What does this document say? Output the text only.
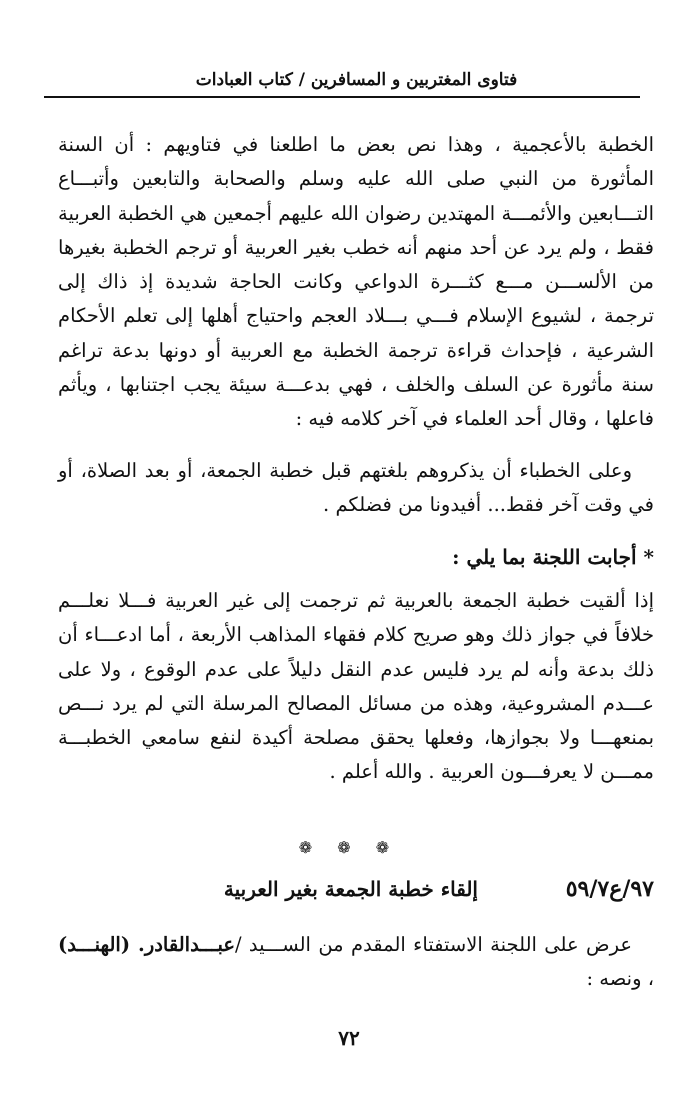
فتاوى المغتربين و المسافرين / كتاب العبادات

الخطبة بالأعجمية ، وهذا نص بعض ما اطلعنا في فتاويهم : أن السنة المأثورة من النبي صلى الله عليه وسلم والصحابة والتابعين وأتبـــاع التـــابعين والأئمـــة المهتدين رضوان الله عليهم أجمعين هي الخطبة العربية فقط ، ولم يرد عن أحد منهم أنه خطب بغير العربية أو ترجم الخطبة بغيرها من الألســـن مـــع كثـــرة الدواعي وكانت الحاجة شديدة إذ ذاك إلى ترجمة ، لشيوع الإسلام فـــي بـــلاد العجم واحتياج أهلها إلى تعلم الأحكام الشرعية ، فإحداث قراءة ترجمة الخطبة مع العربية أو دونها بدعة تراغم سنة مأثورة عن السلف والخلف ، فهي بدعـــة سيئة يجب اجتنابها ، ويأثم فاعلها ، وقال أحد العلماء في آخر كلامه فيه :

وعلى الخطباء أن يذكروهم بلغتهم قبل خطبة الجمعة، أو بعد الصلاة، أو في وقت آخر فقط... أفيدونا من فضلكم .

* أجابت اللجنة بما يلي :

إذا ألقيت خطبة الجمعة بالعربية ثم ترجمت إلى غير العربية فـــلا نعلـــم خلافاً في جواز ذلك وهو صريح كلام فقهاء المذاهب الأربعة ، أما ادعـــاء أن ذلك بدعة وأنه لم يرد فليس عدم النقل دليلاً على عدم الوقوع ، ولا على عـــدم المشروعية، وهذه من مسائل المصالح المرسلة التي لم يرد نـــص بمنعهـــا ولا بجوازها، وفعلها يحقق مصلحة أكيدة لنفع سامعي الخطبـــة ممـــن لا يعرفـــون العربية . والله أعلم .

❁ ❁ ❁
٩٧/ع٥٩/٧
إلقاء خطبة الجمعة بغير العربية

عرض على اللجنة الاستفتاء المقدم من الســـيد /عبـــدالقادر. (الهنـــد) ، ونصه :

٧٢
